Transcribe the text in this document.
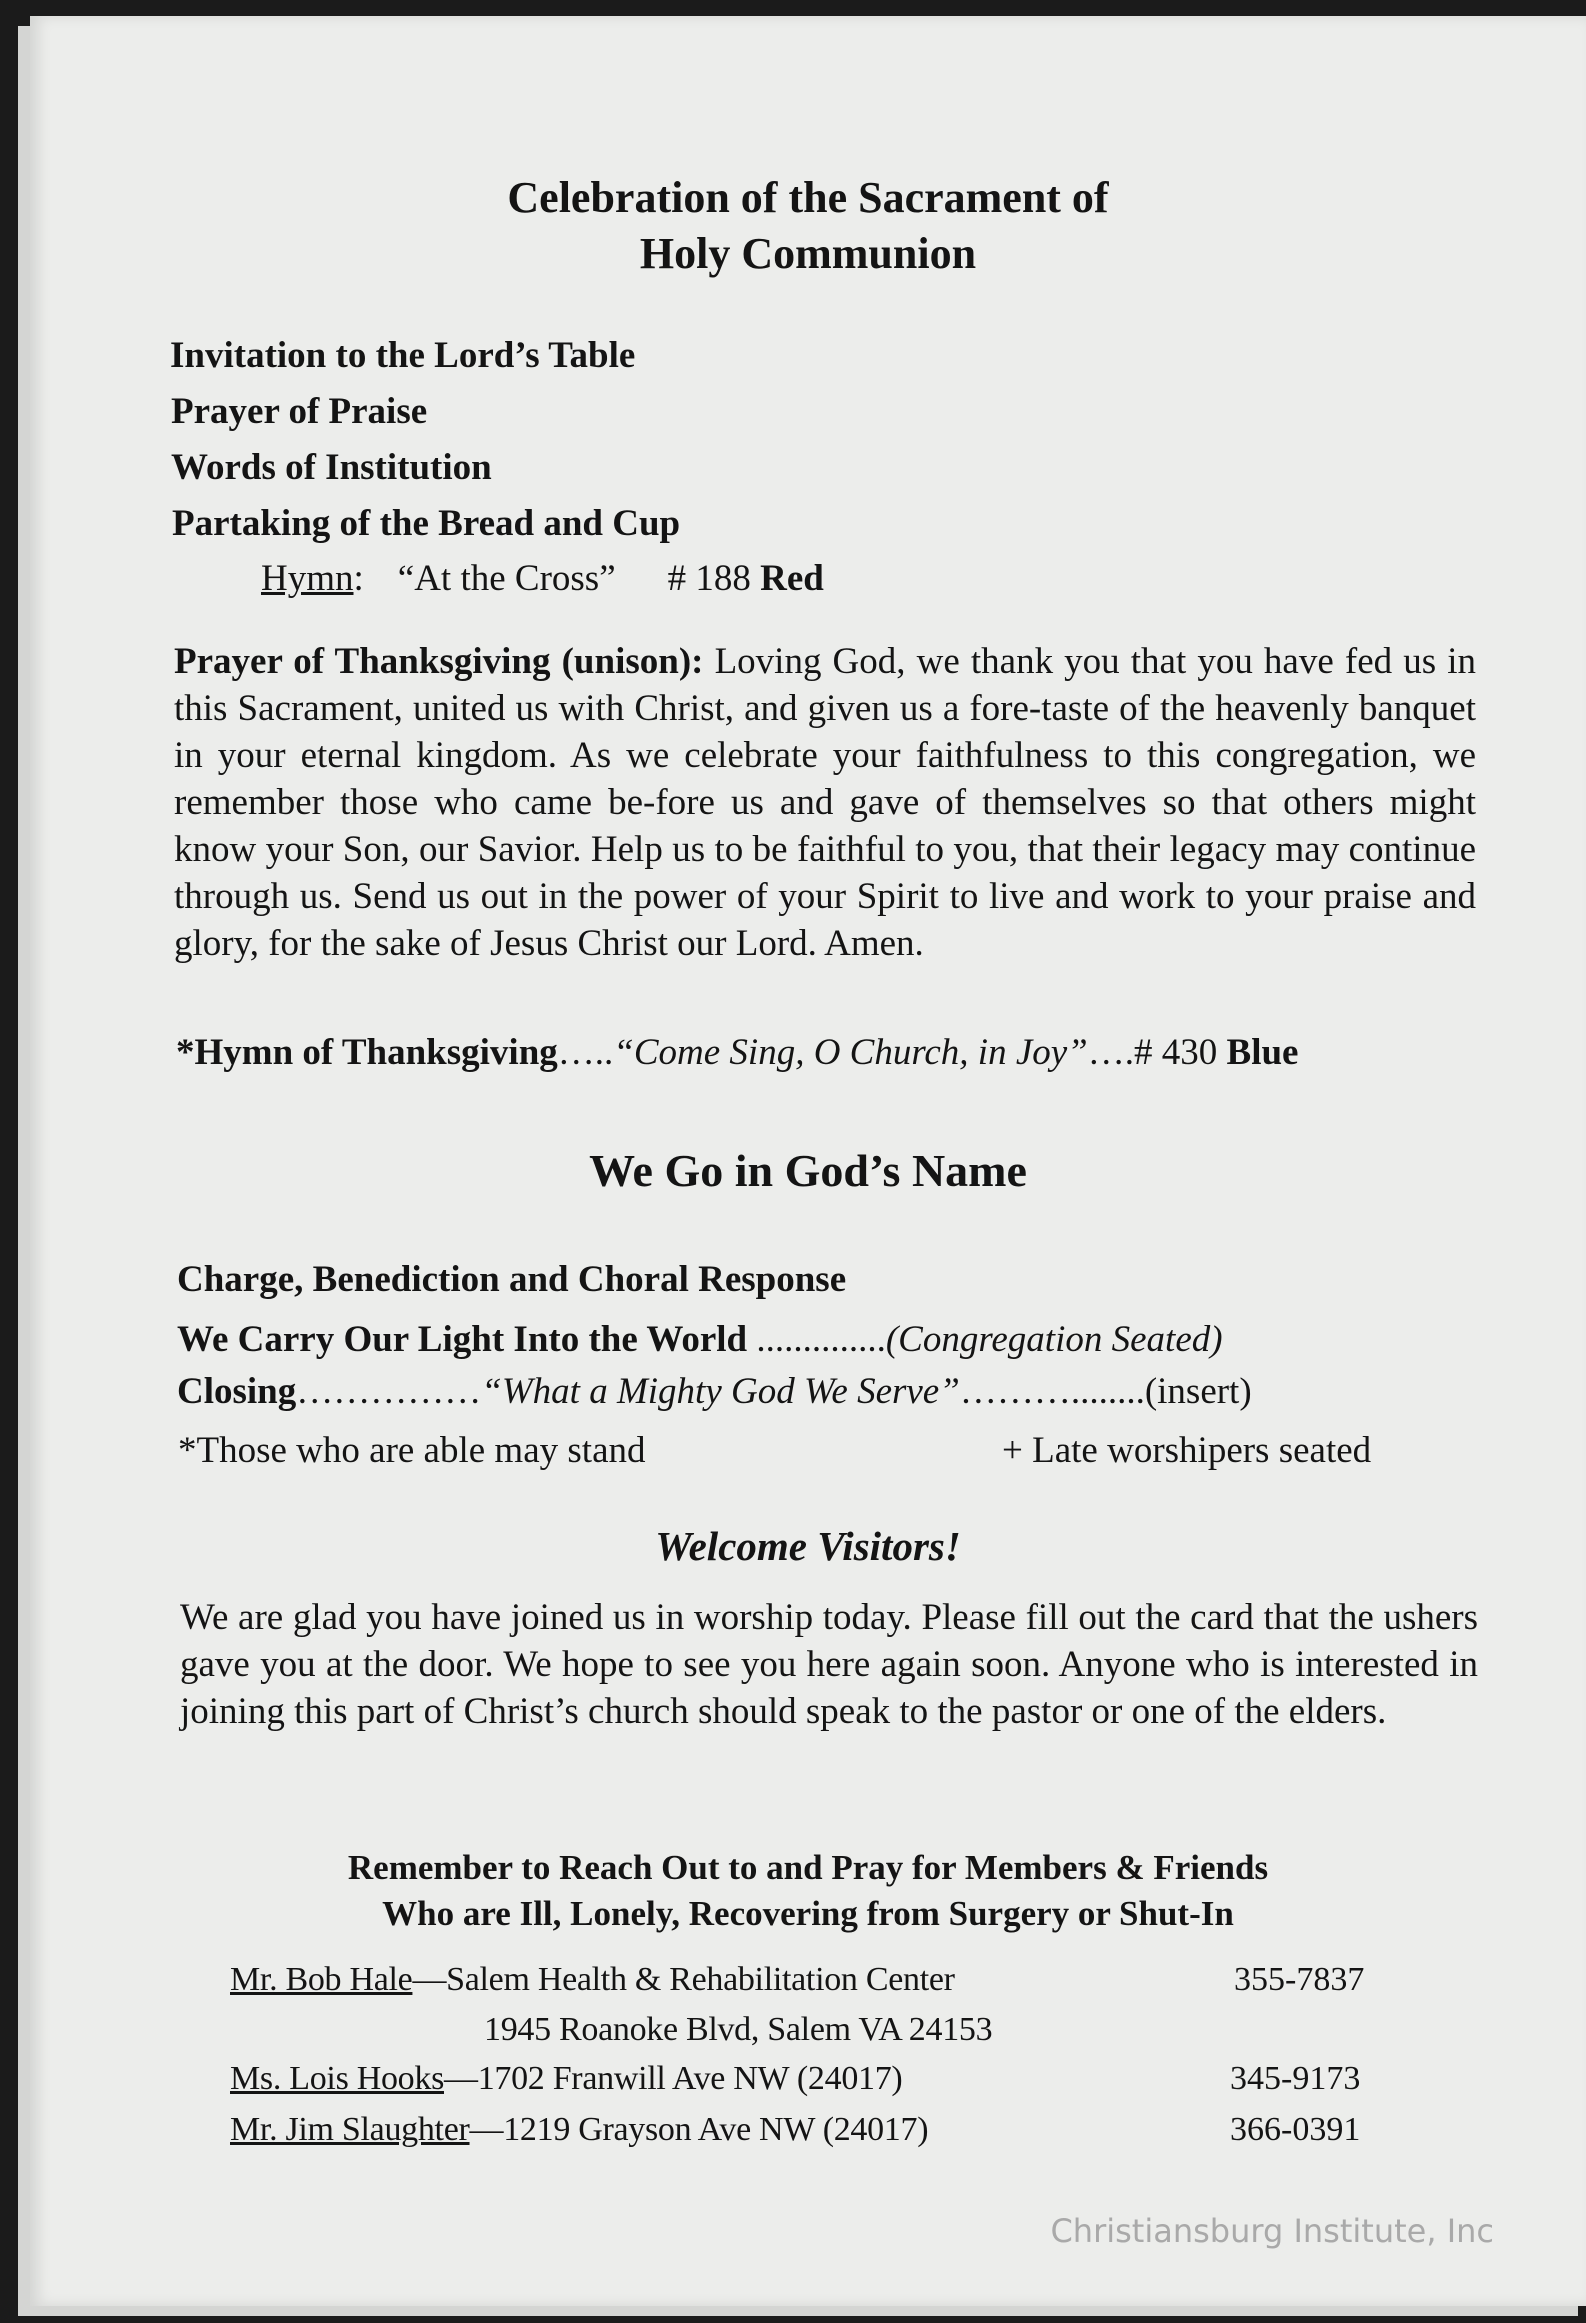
Celebration of the Sacrament of
Holy Communion
Invitation to the Lord’s Table
Prayer of Praise
Words of Institution
Partaking of the Bread and Cup
Hymn: “At the Cross” # 188 Red
Prayer of Thanksgiving (unison): Loving God, we thank you that you have fed us in this Sacrament, united us with Christ, and given us a fore-taste of the heavenly banquet in your eternal kingdom. As we celebrate your faithfulness to this congregation, we remember those who came be-fore us and gave of themselves so that others might know your Son, our Savior. Help us to be faithful to you, that their legacy may continue through us. Send us out in the power of your Spirit to live and work to your praise and glory, for the sake of Jesus Christ our Lord. Amen.
*Hymn of Thanksgiving…..“Come Sing, O Church, in Joy”….# 430 Blue
We Go in God’s Name
Charge, Benediction and Choral Response
We Carry Our Light Into the World ..............(Congregation Seated)
Closing……………“What a Mighty God We Serve”………........(insert)
*Those who are able may stand	+ Late worshipers seated
Welcome Visitors!
We are glad you have joined us in worship today. Please fill out the card that the ushers gave you at the door. We hope to see you here again soon. Anyone who is interested in joining this part of Christ’s church should speak to the pastor or one of the elders.
Remember to Reach Out to and Pray for Members & Friends
Who are Ill, Lonely, Recovering from Surgery or Shut-In
Mr. Bob Hale—Salem Health & Rehabilitation Center	355-7837
1945 Roanoke Blvd, Salem VA 24153
Ms. Lois Hooks—1702 Franwill Ave NW (24017)	345-9173
Mr. Jim Slaughter—1219 Grayson Ave NW (24017)	366-0391
Christiansburg Institute, Inc
